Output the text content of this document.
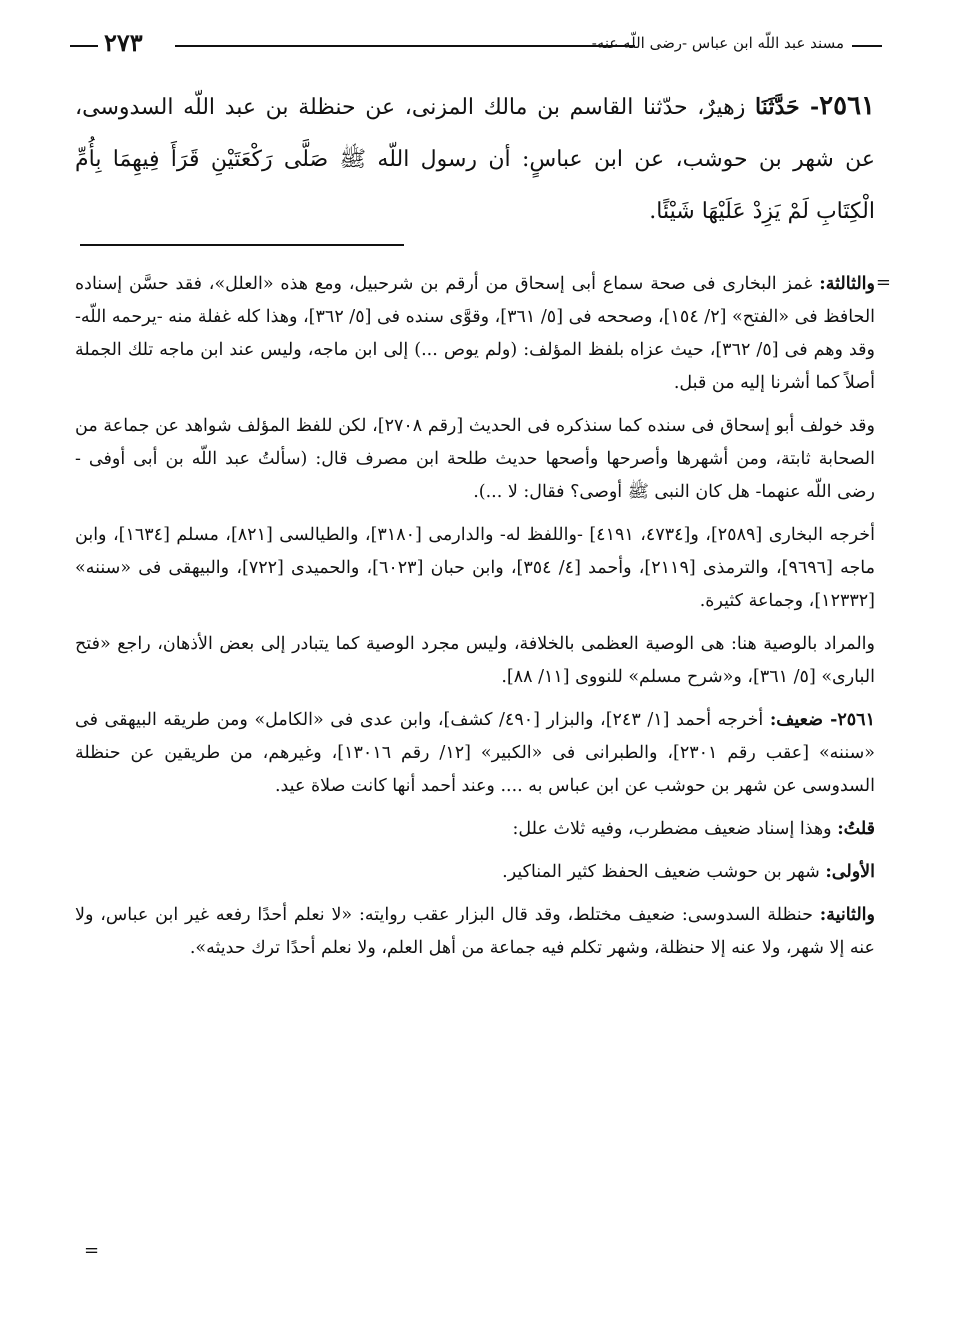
مسند عبد اللّه ابن عباس -رضى اللّه عنه-
٢٧٣
٢٥٦١- حَدَّثَنَا زهيرٌ، حدّثنا القاسم بن مالك المزنى، عن حنظلة بن عبد اللّه السدوسى، عن شهر بن حوشب، عن ابن عباسٍ: أن رسول اللّه ﷺ صَلَّى رَكْعَتَيْنِ قَرَأَ فِيهِمَا بِأُمِّ الْكِتَابِ لَمْ يَزِدْ عَلَيْهَا شَيْئًا.
=

والثالثة: غمز البخارى فى صحة سماع أبى إسحاق من أرقم بن شرحبيل، ومع هذه «العلل»، فقد حسَّن إسناده الحافظ فى «الفتح» [٢/ ١٥٤]، وصححه فى [٥/ ٣٦١]، وقوَّى سنده فى [٥/ ٣٦٢]، وهذا كله غفلة منه -يرحمه اللّه- وقد وهم فى [٥/ ٣٦٢]، حيث عزاه بلفظ المؤلف: (ولم يوص ...) إلى ابن ماجه، وليس عند ابن ماجه تلك الجملة أصلاً كما أشرنا إليه من قبل.

وقد خولف أبو إسحاق فى سنده كما سنذكره فى الحديث [رقم ٢٧٠٨]، لكن للفظ المؤلف شواهد عن جماعة من الصحابة ثابتة، ومن أشهرها وأصرحها وأصحها حديث طلحة ابن مصرف قال: (سألتُ عبد اللّه بن أبى أوفى - رضى اللّه عنهما- هل كان النبى ﷺ أوصى؟ فقال: لا ...).

أخرجه البخارى [٢٥٨٩]، و[٤٧٣٤، ٤١٩١] -واللفظ له- والدارمى [٣١٨٠]، والطيالسى [٨٢١]، مسلم [١٦٣٤]، وابن ماجه [٩٦٩٦]، والترمذى [٢١١٩]، وأحمد [٤/ ٣٥٤]، وابن حبان [٦٠٢٣]، والحميدى [٧٢٢]، والبيهقى فى «سننه» [١٢٣٣٢]، وجماعة كثيرة.

والمراد بالوصية هنا: هى الوصية العظمى بالخلافة، وليس مجرد الوصية كما يتبادر إلى بعض الأذهان، راجع «فتح البارى» [٥/ ٣٦١]، و«شرح مسلم» للنووى [١١/ ٨٨].

٢٥٦١- ضعيف: أخرجه أحمد [١/ ٢٤٣]، والبزار [٤٩٠/ كشف]، وابن عدى فى «الكامل» ومن طريقه البيهقى فى «سننه» [عقب رقم ٢٣٠١]، والطبرانى فى «الكبير» [١٢/ رقم ١٣٠١٦]، وغيرهم، من طريقين عن حنظلة السدوسى عن شهر بن حوشب عن ابن عباس به .... وعند أحمد أنها كانت صلاة عيد.

قلتُ: وهذا إسناد ضعيف مضطرب، وفيه ثلاث علل:

الأولى: شهر بن حوشب ضعيف الحفظ كثير المناكير.

والثانية: حنظلة السدوسى: ضعيف مختلط، وقد قال البزار عقب روايته: «لا نعلم أحدًا رفعه غير ابن عباس، ولا عنه إلا شهر، ولا عنه إلا حنظلة، وشهر تكلم فيه جماعة من أهل العلم، ولا نعلم أحدًا ترك حديثه».

=
